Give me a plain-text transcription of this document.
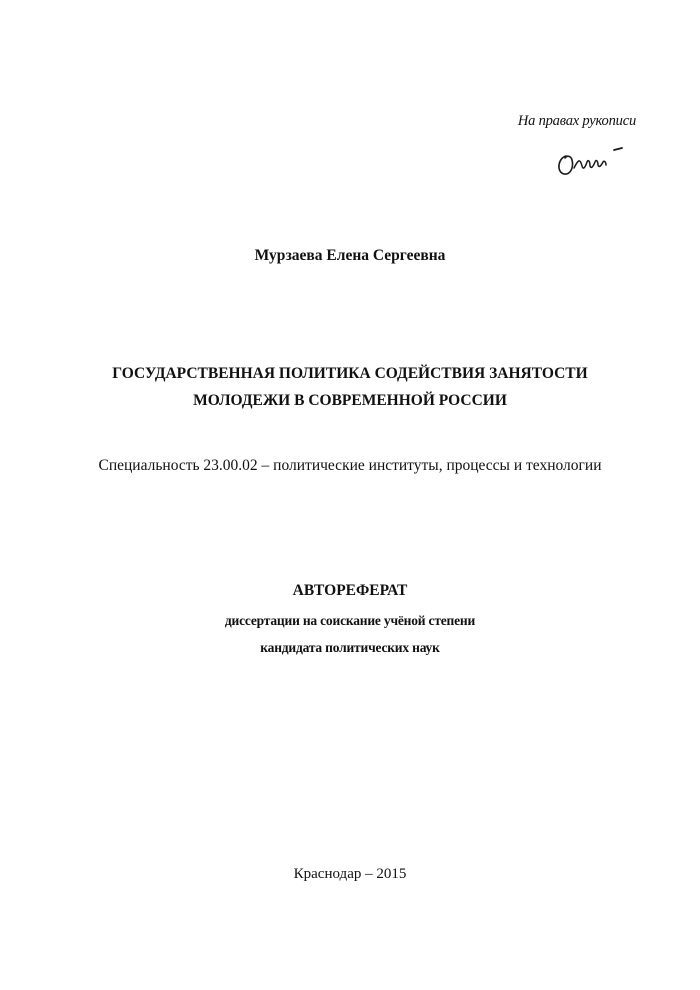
На правах рукописи
Мурзаева Елена Сергеевна
ГОСУДАРСТВЕННАЯ ПОЛИТИКА СОДЕЙСТВИЯ ЗАНЯТОСТИ
МОЛОДЕЖИ В СОВРЕМЕННОЙ РОССИИ
Специальность 23.00.02 – политические институты, процессы и технологии
АВТОРЕФЕРАТ
диссертации на соискание учёной степени
кандидата политических наук
Краснодар – 2015
